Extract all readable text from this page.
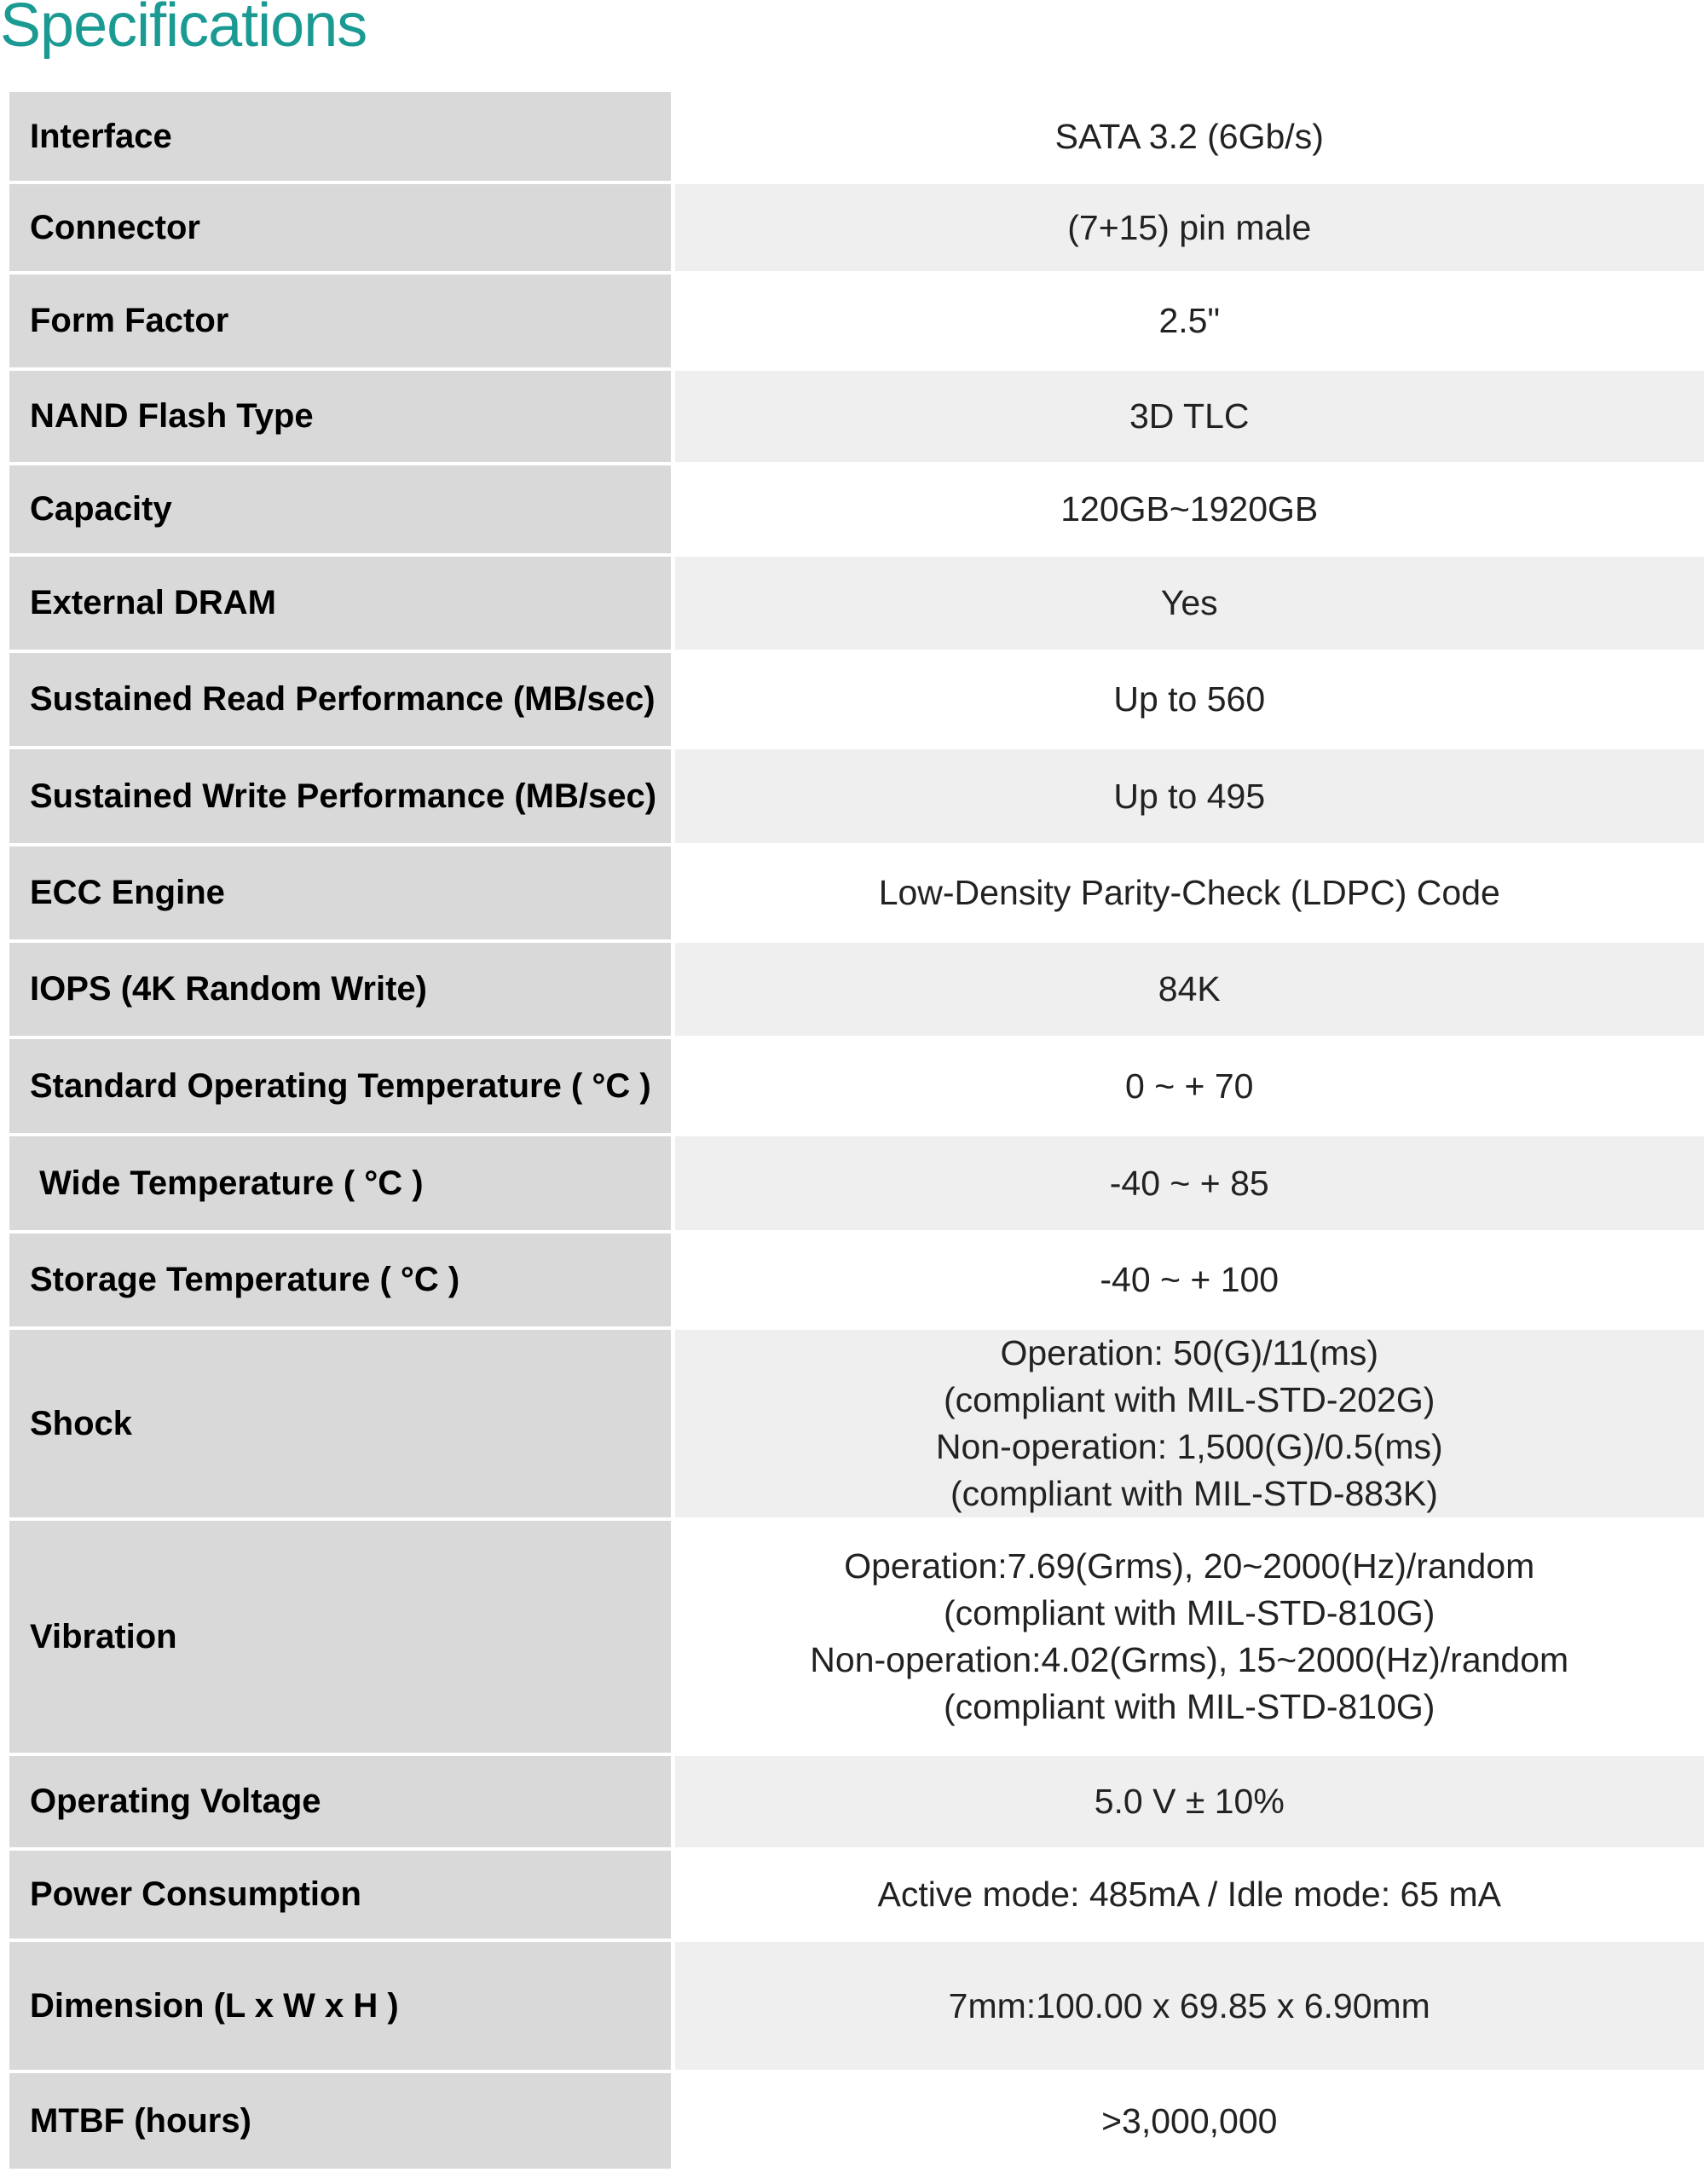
Specifications
Interface	SATA 3.2 (6Gb/s)

Connector	(7+15) pin male

Form Factor	2.5"

NAND Flash Type	3D TLC

Capacity	120GB~1920GB

External DRAM	Yes

Sustained Read Performance (MB/sec)	Up to 560

Sustained Write Performance (MB/sec)	Up to 495

ECC Engine	Low-Density Parity-Check (LDPC) Code

IOPS (4K Random Write)	84K

Standard Operating Temperature ( °C )	0 ~ + 70

Wide Temperature ( °C )	-40 ~ + 85

Storage Temperature ( °C )	-40 ~ + 100

Shock	Operation: 50(G)/11(ms)
(compliant with MIL-STD-202G)
Non-operation: 1,500(G)/0.5(ms)
(compliant with MIL-STD-883K)

Vibration	Operation:7.69(Grms), 20~2000(Hz)/random
(compliant with MIL-STD-810G)
Non-operation:4.02(Grms), 15~2000(Hz)/random
(compliant with MIL-STD-810G)

Operating Voltage	5.0 V ± 10%

Power Consumption	Active mode: 485mA / Idle mode: 65 mA

Dimension (L x W x H )	7mm:100.00 x 69.85 x 6.90mm

MTBF (hours)	>3,000,000
